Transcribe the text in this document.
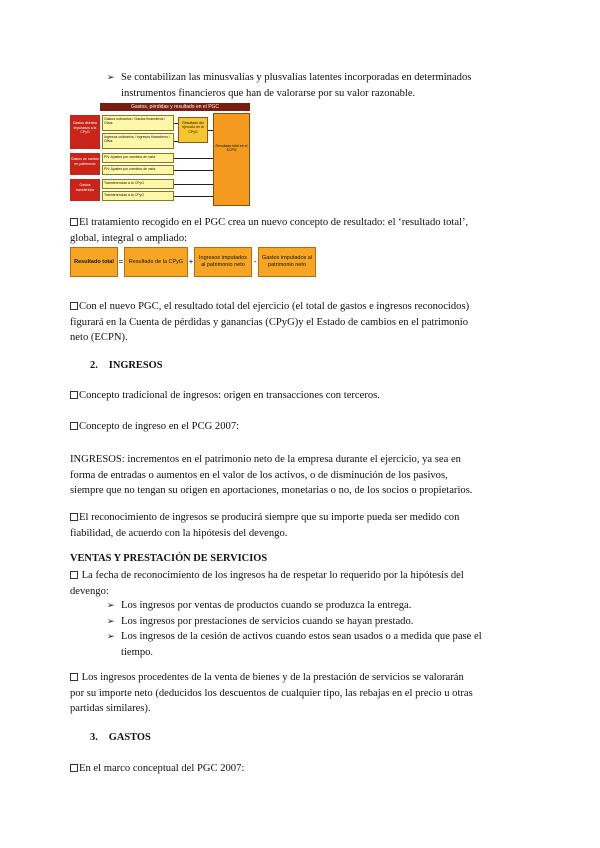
➢ Se contabilizan las minusvalías y plusvalías latentes incorporadas en determinados
instrumentos financieros que han de valorarse por su valor razonable.
Gastos, pérdidas y resultado en el PGC
Gastos directos imputados a la CPyG
Gastos de cambio en patrimonio
Gastos transferidos
Gastos ordinarios / Gastos financieros / Otros
Ingresos ordinarios / Ingresos financieros / Otros
PN: Ajustes por cambios de valor
PN: Ajustes por cambios de valor
Transferencias a la CPyG
Transferencias a la CPyG
Resultado del ejercicio en la CPyG
Resultado total en el ECPN
El tratamiento recogido en el PGC crea un nuevo concepto de resultado: el ‘resultado total’,
global, integral o ampliado:
Resultado total = Resultado de la CPyG +	Ingresos imputados al patrimonio neto	-	Gastos imputados al patrimonio neto
Con el nuevo PGC, el resultado total del ejercicio (el total de gastos e ingresos reconocidos)
figurará en la Cuenta de pérdidas y ganancias (CPyG)y el Estado de cambios en el patrimonio
neto (ECPN).
2. INGRESOS
Concepto tradicional de ingresos: origen en transacciones con terceros.
Concepto de ingreso en el PCG 2007:
INGRESOS: incrementos en el patrimonio neto de la empresa durante el ejercicio, ya sea en
forma de entradas o aumentos en el valor de los activos, o de disminución de los pasivos,
siempre que no tengan su origen en aportaciones, monetarias o no, de los socios o propietarios.
El reconocimiento de ingresos se producirá siempre que su importe pueda ser medido con
fiabilidad, de acuerdo con la hipótesis del devengo.
VENTAS Y PRESTACIÓN DE SERVICIOS
La fecha de reconocimiento de los ingresos ha de respetar lo requerido por la hipótesis del
devengo:
➢ Los ingresos por ventas de productos cuando se produzca la entrega.
➢ Los ingresos por prestaciones de servicios cuando se hayan prestado.
➢ Los ingresos de la cesión de activos cuando estos sean usados o a medida que pase el
tiempo.
Los ingresos procedentes de la venta de bienes y de la prestación de servicios se valorarán
por su importe neto (deducidos los descuentos de cualquier tipo, las rebajas en el precio u otras
partidas similares).
3. GASTOS
En el marco conceptual del PGC 2007:
